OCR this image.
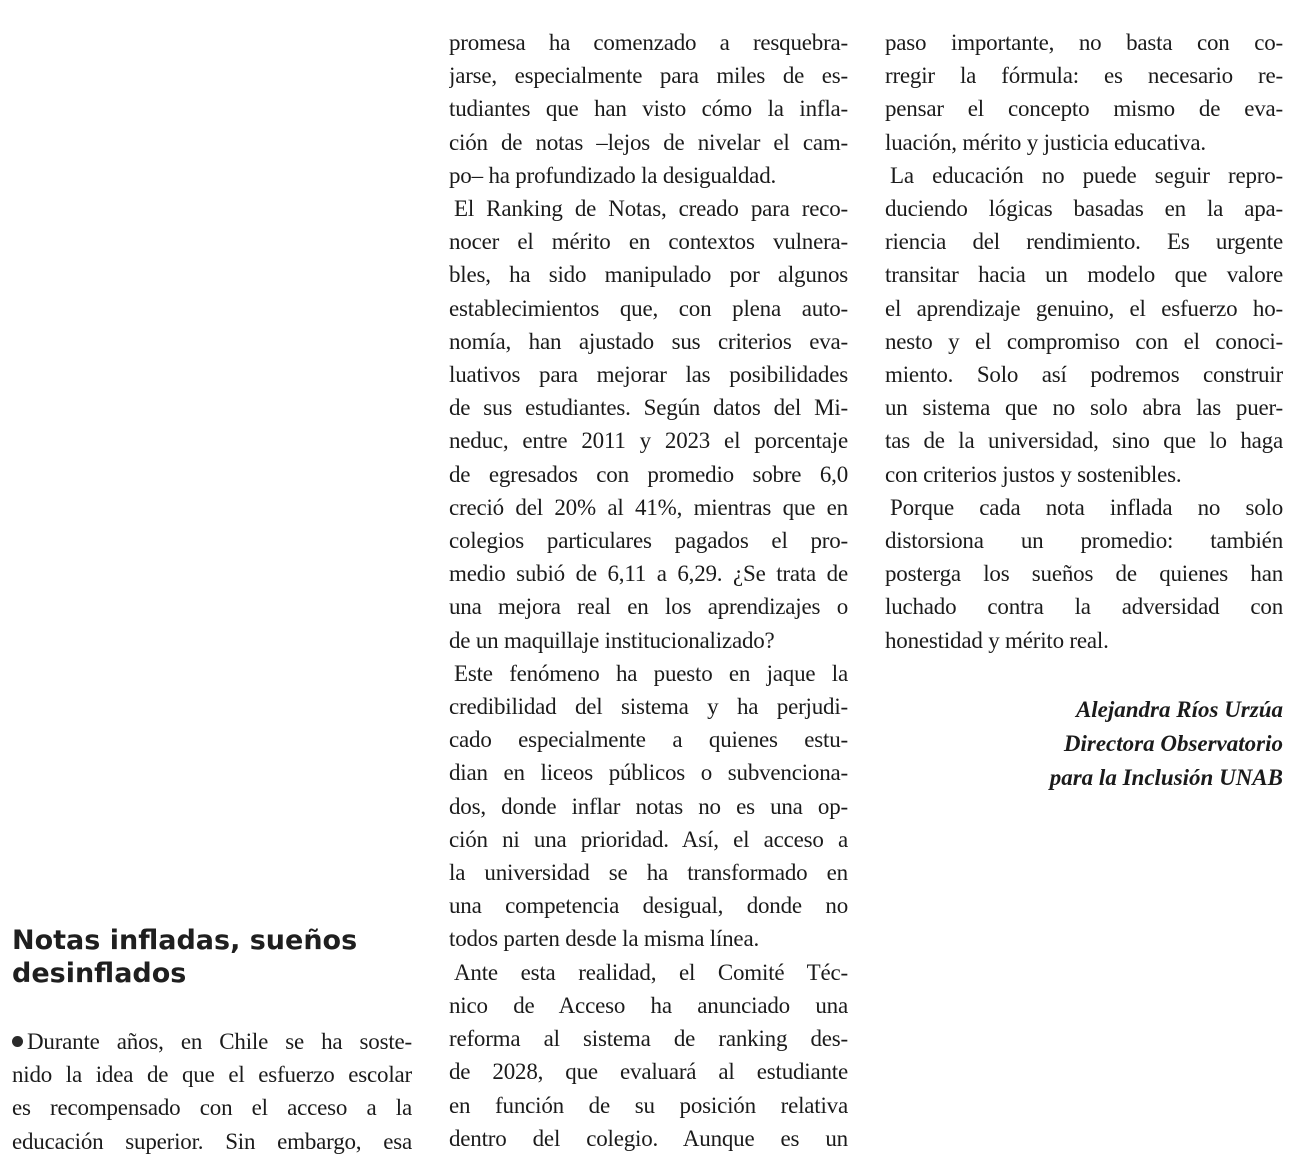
Notas infladas, sueños
desinflados
Durante años, en Chile se ha soste-
nido la idea de que el esfuerzo escolar
es recompensado con el acceso a la
educación superior. Sin embargo, esa
promesa ha comenzado a resquebra-
jarse, especialmente para miles de es-
tudiantes que han visto cómo la infla-
ción de notas –lejos de nivelar el cam-
po– ha profundizado la desigualdad.
El Ranking de Notas, creado para reco-
nocer el mérito en contextos vulnera-
bles, ha sido manipulado por algunos
establecimientos que, con plena auto-
nomía, han ajustado sus criterios eva-
luativos para mejorar las posibilidades
de sus estudiantes. Según datos del Mi-
neduc, entre 2011 y 2023 el porcentaje
de egresados con promedio sobre 6,0
creció del 20% al 41%, mientras que en
colegios particulares pagados el pro-
medio subió de 6,11 a 6,29. ¿Se trata de
una mejora real en los aprendizajes o
de un maquillaje institucionalizado?
Este fenómeno ha puesto en jaque la
credibilidad del sistema y ha perjudi-
cado especialmente a quienes estu-
dian en liceos públicos o subvenciona-
dos, donde inflar notas no es una op-
ción ni una prioridad. Así, el acceso a
la universidad se ha transformado en
una competencia desigual, donde no
todos parten desde la misma línea.
Ante esta realidad, el Comité Téc-
nico de Acceso ha anunciado una
reforma al sistema de ranking des-
de 2028, que evaluará al estudiante
en función de su posición relativa
dentro del colegio. Aunque es un
paso importante, no basta con co-
rregir la fórmula: es necesario re-
pensar el concepto mismo de eva-
luación, mérito y justicia educativa.
La educación no puede seguir repro-
duciendo lógicas basadas en la apa-
riencia del rendimiento. Es urgente
transitar hacia un modelo que valore
el aprendizaje genuino, el esfuerzo ho-
nesto y el compromiso con el conoci-
miento. Solo así podremos construir
un sistema que no solo abra las puer-
tas de la universidad, sino que lo haga
con criterios justos y sostenibles.
Porque cada nota inflada no solo
distorsiona un promedio: también
posterga los sueños de quienes han
luchado contra la adversidad con
honestidad y mérito real.
Alejandra Ríos Urzúa
Directora Observatorio
para la Inclusión UNAB
